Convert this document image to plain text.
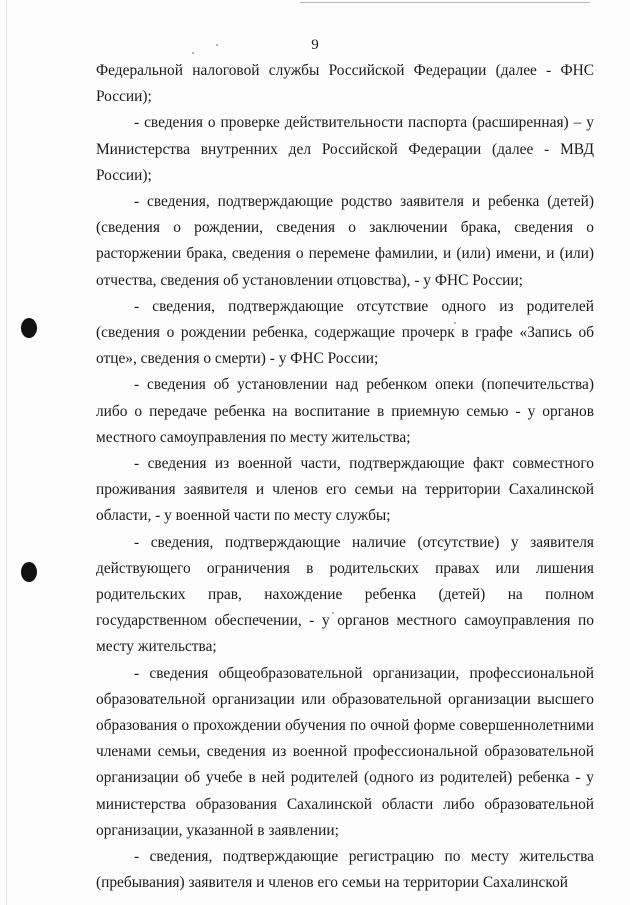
9

Федеральной налоговой службы Российской Федерации (далее - ФНС России);

- сведения о проверке действительности паспорта (расширенная) – у Министерства внутренних дел Российской Федерации (далее - МВД России);

- сведения, подтверждающие родство заявителя и ребенка (детей) (сведения о рождении, сведения о заключении брака, сведения о расторжении брака, сведения о перемене фамилии, и (или) имени, и (или) отчества, сведения об установлении отцовства), - у ФНС России;

- сведения, подтверждающие отсутствие одного из родителей (сведения о рождении ребенка, содержащие прочерк в графе «Запись об отце», сведения о смерти) - у ФНС России;

- сведения об установлении над ребенком опеки (попечительства) либо о передаче ребенка на воспитание в приемную семью - у органов местного самоуправления по месту жительства;

- сведения из военной части, подтверждающие факт совместного проживания заявителя и членов его семьи на территории Сахалинской области, - у военной части по месту службы;

- сведения, подтверждающие наличие (отсутствие) у заявителя действующего ограничения в родительских правах или лишения родительских прав, нахождение ребенка (детей) на полном государственном обеспечении, - у органов местного самоуправления по месту жительства;

- сведения общеобразовательной организации, профессиональной образовательной организации или образовательной организации высшего образования о прохождении обучения по очной форме совершеннолетними членами семьи, сведения из военной профессиональной образовательной организации об учебе в ней родителей (одного из родителей) ребенка - у министерства образования Сахалинской области либо образовательной организации, указанной в заявлении;

- сведения, подтверждающие регистрацию по месту жительства (пребывания) заявителя и членов его семьи на территории Сахалинской
